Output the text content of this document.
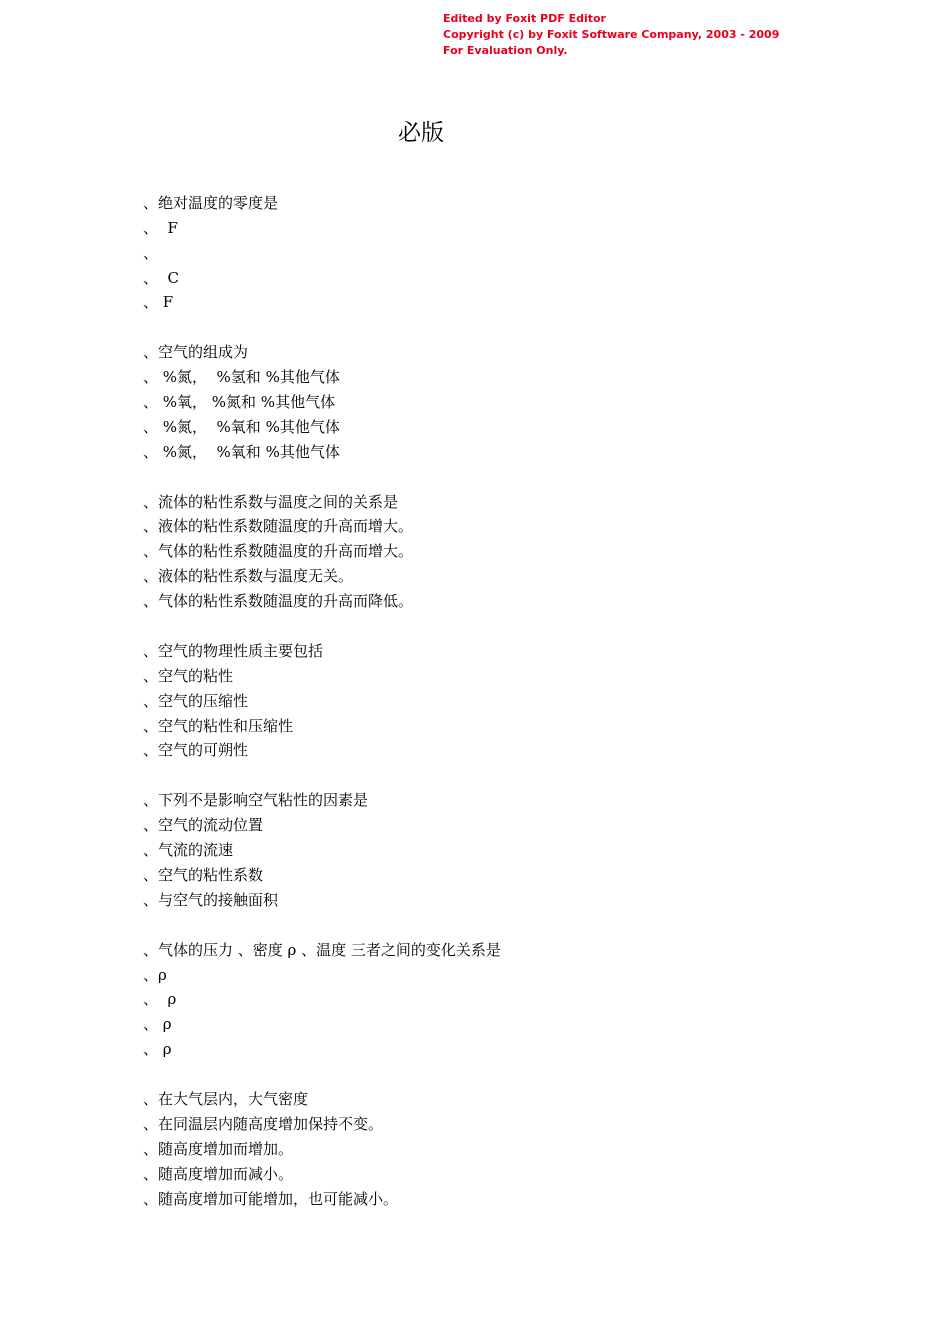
Edited by Foxit PDF Editor
Copyright (c) by Foxit Software Company, 2003 - 2009
For Evaluation Only.
必版
、绝对温度的零度是
、  F
、
、  C
、 F
、空气的组成为
、 %氮，  %氢和 %其他气体
、 %氧， %氮和 %其他气体
、 %氮，  %氧和 %其他气体
、 %氮，  %氧和 %其他气体
、流体的粘性系数与温度之间的关系是
、液体的粘性系数随温度的升高而增大。
、气体的粘性系数随温度的升高而增大。
、液体的粘性系数与温度无关。
、气体的粘性系数随温度的升高而降低。
、空气的物理性质主要包括
、空气的粘性
、空气的压缩性
、空气的粘性和压缩性
、空气的可朔性
、下列不是影响空气粘性的因素是
、空气的流动位置
、气流的流速
、空气的粘性系数
、与空气的接触面积
、气体的压力 、密度 ρ 、温度 三者之间的变化关系是
、ρ
、  ρ
、 ρ
、 ρ
、在大气层内，大气密度
、在同温层内随高度增加保持不变。
、随高度增加而增加。
、随高度增加而减小。
、随高度增加可能增加，也可能减小。
